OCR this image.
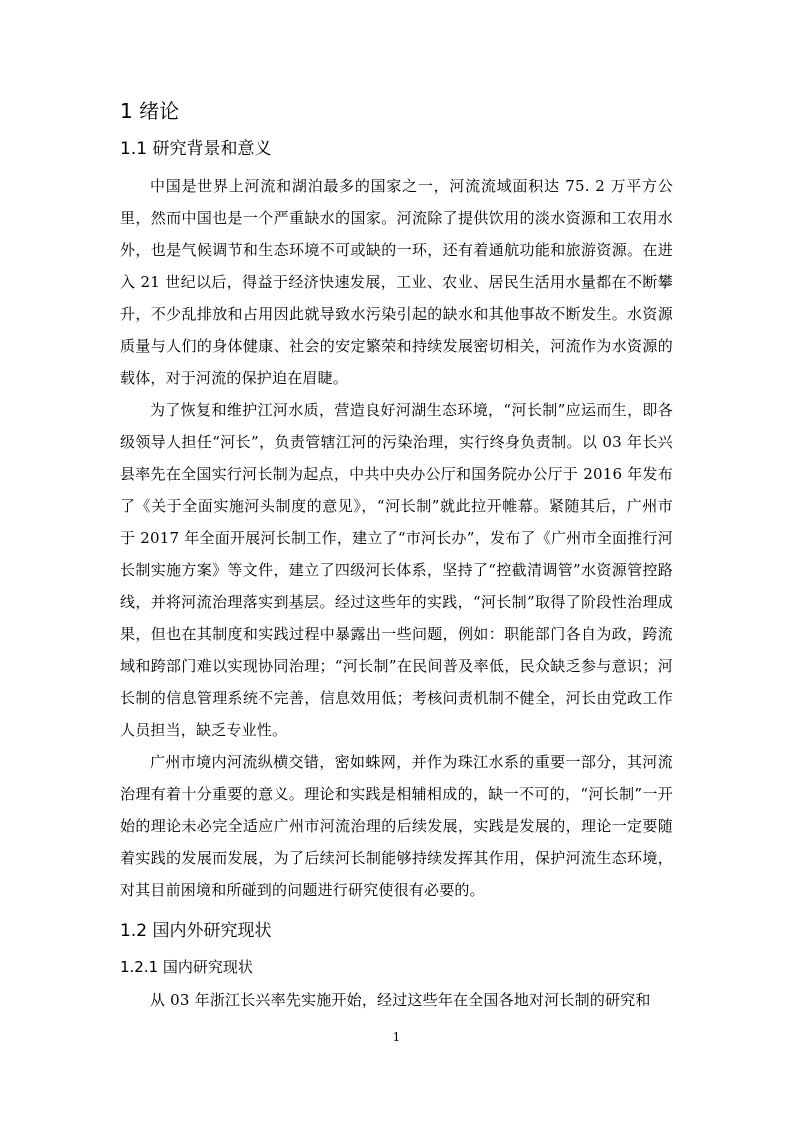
1 绪论
1.1 研究背景和意义

中国是世界上河流和湖泊最多的国家之一，河流流域面积达 75. 2 万平方公里，然而中国也是一个严重缺水的国家。河流除了提供饮用的淡水资源和工农用水外，也是气候调节和生态环境不可或缺的一环，还有着通航功能和旅游资源。在进入 21 世纪以后，得益于经济快速发展，工业、农业、居民生活用水量都在不断攀升，不少乱排放和占用因此就导致水污染引起的缺水和其他事故不断发生。水资源质量与人们的身体健康、社会的安定繁荣和持续发展密切相关，河流作为水资源的载体，对于河流的保护迫在眉睫。

为了恢复和维护江河水质，营造良好河湖生态环境，“河长制”应运而生，即各级领导人担任“河长”，负责管辖江河的污染治理，实行终身负责制。以 03 年长兴县率先在全国实行河长制为起点，中共中央办公厅和国务院办公厅于 2016 年发布了《关于全面实施河头制度的意见》，“河长制”就此拉开帷幕。紧随其后，广州市于 2017 年全面开展河长制工作，建立了“市河长办”，发布了《广州市全面推行河长制实施方案》等文件，建立了四级河长体系，坚持了“控截清调管”水资源管控路线，并将河流治理落实到基层。经过这些年的实践，“河长制”取得了阶段性治理成果，但也在其制度和实践过程中暴露出一些问题，例如：职能部门各自为政，跨流域和跨部门难以实现协同治理；“河长制”在民间普及率低，民众缺乏参与意识；河长制的信息管理系统不完善，信息效用低；考核问责机制不健全，河长由党政工作人员担当，缺乏专业性。

广州市境内河流纵横交错，密如蛛网，并作为珠江水系的重要一部分，其河流治理有着十分重要的意义。理论和实践是相辅相成的，缺一不可的，“河长制”一开始的理论未必完全适应广州市河流治理的后续发展，实践是发展的，理论一定要随着实践的发展而发展，为了后续河长制能够持续发挥其作用，保护河流生态环境，对其目前困境和所碰到的问题进行研究使很有必要的。

1.2 国内外研究现状
1.2.1 国内研究现状

从 03 年浙江长兴率先实施开始，经过这些年在全国各地对河长制的研究和

1
